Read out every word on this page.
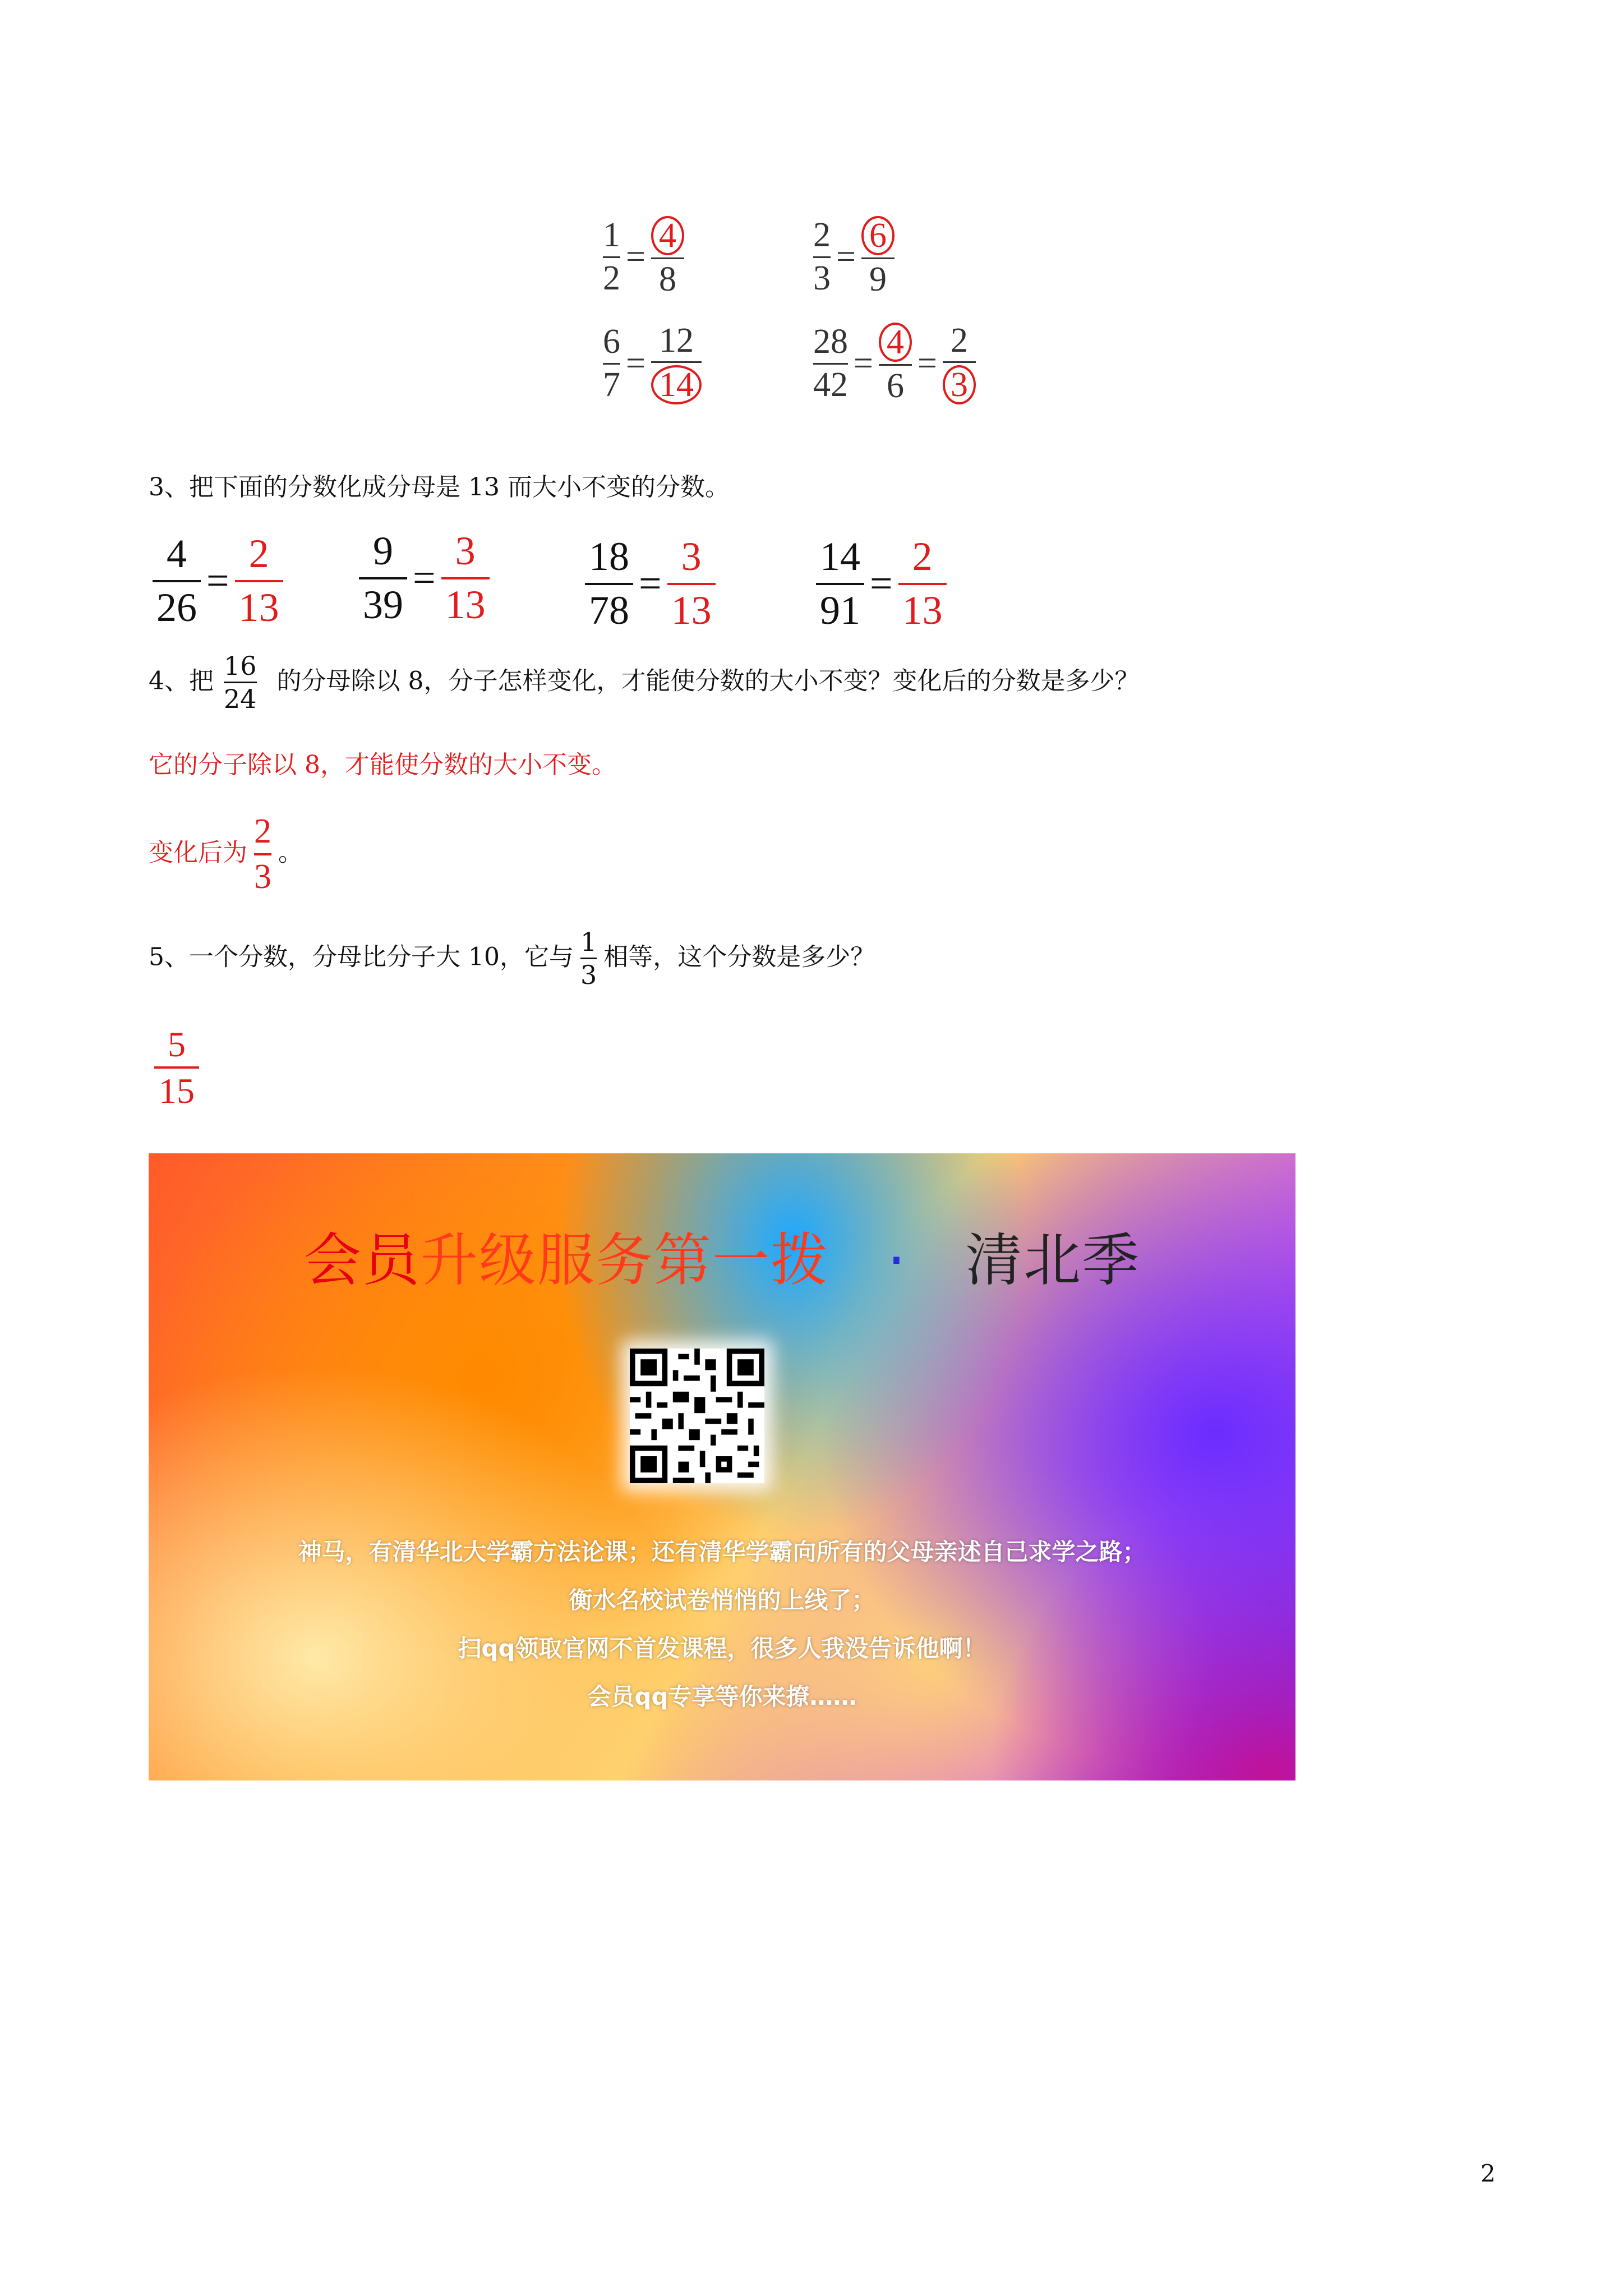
$\frac{1}{2} = \frac{4}{8}$	$\frac{2}{3} = \frac{6}{9}$
$\frac{6}{7} = \frac{12}{14}$	$\frac{28}{42} = \frac{4}{6} = \frac{2}{3}$
3、把下面的分数化成分母是 13 而大小不变的分数。
$\frac{4}{26} = \frac{2}{13} \frac{9}{39} = \frac{3}{13} \frac{18}{78} = \frac{3}{13} \frac{14}{91} = \frac{2}{13}$
4、把 $\frac{16}{24}$ 的分母除以 8，分子怎样变化，才能使分数的大小不变？变化后的分数是多少？
它的分子除以 8，才能使分数的大小不变。
变化后为 $\frac{2}{3}$ 。
5、一个分数，分母比分子大 10，它与 $\frac{1}{3}$ 相等，这个分数是多少？
$\frac{5}{15}$
会员升级服务第一拨 · 清北季
神马，有清华北大学霸方法论课；还有清华学霸向所有的父母亲述自己求学之路；
衡水名校试卷悄悄的上线了；
扫qq领取官网不首发课程，很多人我没告诉他啊！
会员qq专享等你来撩……
2
